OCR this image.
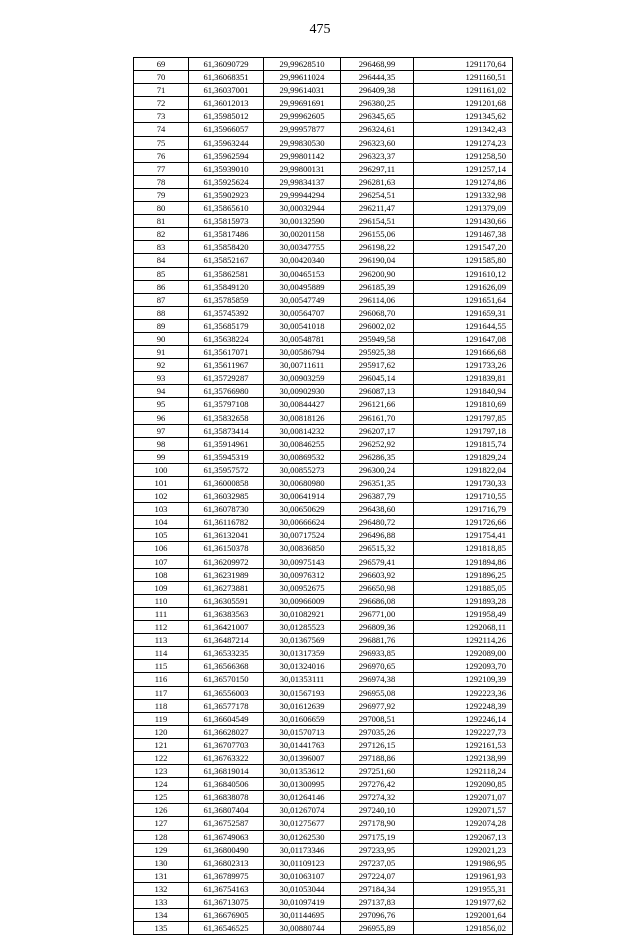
475
69	61,36090729	29,99628510	296468,99	1291170,64
70	61,36068351	29,99611024	296444,35	1291160,51
71	61,36037001	29,99614031	296409,38	1291161,02
72	61,36012013	29,99691691	296380,25	1291201,68
73	61,35985012	29,99962605	296345,65	1291345,62
74	61,35966057	29,99957877	296324,61	1291342,43
75	61,35963244	29,99830530	296323,60	1291274,23
76	61,35962594	29,99801142	296323,37	1291258,50
77	61,35939010	29,99800131	296297,11	1291257,14
78	61,35925624	29,99834137	296281,63	1291274,86
79	61,35902923	29,99944294	296254,51	1291332,98
80	61,35865610	30,00032944	296211,47	1291379,09
81	61,35815973	30,00132590	296154,51	1291430,66
82	61,35817486	30,00201158	296155,06	1291467,38
83	61,35858420	30,00347755	296198,22	1291547,20
84	61,35852167	30,00420340	296190,04	1291585,80
85	61,35862581	30,00465153	296200,90	1291610,12
86	61,35849120	30,00495889	296185,39	1291626,09
87	61,35785859	30,00547749	296114,06	1291651,64
88	61,35745392	30,00564707	296068,70	1291659,31
89	61,35685179	30,00541018	296002,02	1291644,55
90	61,35638224	30,00548781	295949,58	1291647,08
91	61,35617071	30,00586794	295925,38	1291666,68
92	61,35611967	30,00711611	295917,62	1291733,26
93	61,35729287	30,00903259	296045,14	1291839,81
94	61,35766980	30,00902930	296087,13	1291840,94
95	61,35797108	30,00844427	296121,66	1291810,69
96	61,35832658	30,00818126	296161,70	1291797,85
97	61,35873414	30,00814232	296207,17	1291797,18
98	61,35914961	30,00846255	296252,92	1291815,74
99	61,35945319	30,00869532	296286,35	1291829,24
100	61,35957572	30,00855273	296300,24	1291822,04
101	61,36000858	30,00680980	296351,35	1291730,33
102	61,36032985	30,00641914	296387,79	1291710,55
103	61,36078730	30,00650629	296438,60	1291716,79
104	61,36116782	30,00666624	296480,72	1291726,66
105	61,36132041	30,00717524	296496,88	1291754,41
106	61,36150378	30,00836850	296515,32	1291818,85
107	61,36209972	30,00975143	296579,41	1291894,86
108	61,36231989	30,00976312	296603,92	1291896,25
109	61,36273881	30,00952675	296650,98	1291885,05
110	61,36305591	30,00966009	296686,08	1291893,28
111	61,36383563	30,01082921	296771,00	1291958,49
112	61,36421007	30,01285523	296809,36	1292068,11
113	61,36487214	30,01367569	296881,76	1292114,26
114	61,36533235	30,01317359	296933,85	1292089,00
115	61,36566368	30,01324016	296970,65	1292093,70
116	61,36570150	30,01353111	296974,38	1292109,39
117	61,36556003	30,01567193	296955,08	1292223,36
118	61,36577178	30,01612639	296977,92	1292248,39
119	61,36604549	30,01606659	297008,51	1292246,14
120	61,36628027	30,01570713	297035,26	1292227,73
121	61,36707703	30,01441763	297126,15	1292161,53
122	61,36763322	30,01396007	297188,86	1292138,99
123	61,36819014	30,01353612	297251,60	1292118,24
124	61,36840506	30,01300995	297276,42	1292090,85
125	61,36838078	30,01264146	297274,32	1292071,07
126	61,36807404	30,01267074	297240,10	1292071,57
127	61,36752587	30,01275677	297178,90	1292074,28
128	61,36749063	30,01262530	297175,19	1292067,13
129	61,36800490	30,01173346	297233,95	1292021,23
130	61,36802313	30,01109123	297237,05	1291986,95
131	61,36789975	30,01063107	297224,07	1291961,93
132	61,36754163	30,01053044	297184,34	1291955,31
133	61,36713075	30,01097419	297137,83	1291977,62
134	61,36676905	30,01144695	297096,76	1292001,64
135	61,36546525	30,00880744	296955,89	1291856,02
